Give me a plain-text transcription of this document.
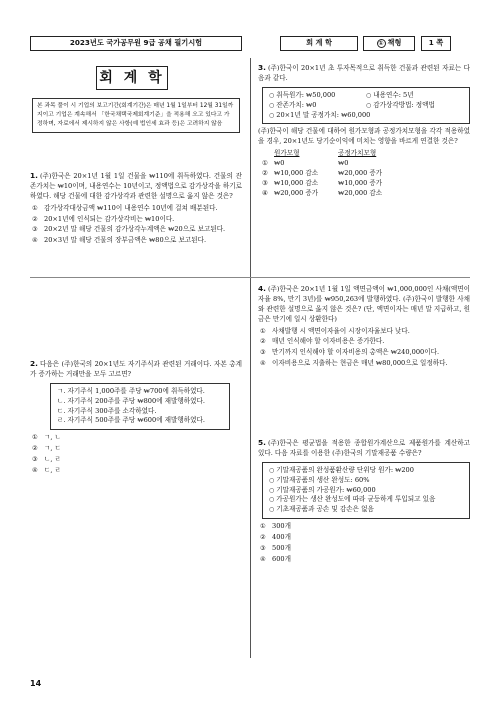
2023년도 국가공무원 9급 공채 필기시험	회 계 학	① 책형	1 쪽
회 계 학
본 과목 풀이 시 기업의 보고기간(회계기간)은 매년 1월 1일부터 12월 31일까지이고 기업은 계속해서 「한국채택국제회계기준」을 적용해 오고 있다고 가정하며, 자료에서 제시하지 않은 사항(예 법인세 효과 등)은 고려하지 않음

1. (주)한국은 20×1년 1월 1일 건물을 ₩110에 취득하였다. 건물의 잔존가치는 ₩10이며, 내용연수는 10년이고, 정액법으로 감가상각을 하기로 하였다. 해당 건물에 대한 감가상각과 관련한 설명으로 옳지 않은 것은?

① 감가상각대상금액 ₩110이 내용연수 10년에 걸쳐 배분된다.
② 20×1년에 인식되는 감가상각비는 ₩10이다.
③ 20×2년 말 해당 건물의 감가상각누계액은 ₩20으로 보고된다.
④ 20×3년 말 해당 건물의 장부금액은 ₩80으로 보고된다.

2. 다음은 (주)한국의 20×1년도 자기주식과 관련된 거래이다. 자본 총계가 증가하는 거래만을 모두 고르면?

ㄱ. 자기주식 1,000주를 주당 ₩700에 취득하였다.
ㄴ. 자기주식 200주를 주당 ₩800에 재발행하였다.
ㄷ. 자기주식 300주를 소각하였다.
ㄹ. 자기주식 500주를 주당 ₩600에 재발행하였다.
① ㄱ, ㄴ
② ㄱ, ㄷ
③ ㄴ, ㄹ
④ ㄷ, ㄹ

3. (주)한국이 20×1년 초 투자목적으로 취득한 건물과 관련된 자료는 다음과 같다.

○ 취득원가: ₩50,000	○ 내용연수: 5년
○ 잔존가치: ₩0	○ 감가상각방법: 정액법
○ 20×1년 말 공정가치: ₩60,000

(주)한국이 해당 건물에 대하여 원가모형과 공정가치모형을 각각 적용하였을 경우, 20×1년도 당기순이익에 미치는 영향을 바르게 연결한 것은?

원가모형	공정가치모형
① ₩0	₩0
② ₩10,000 감소	₩20,000 증가
③ ₩10,000 감소	₩10,000 증가
④ ₩20,000 증가	₩20,000 감소

4. (주)한국은 20×1년 1월 1일 액면금액이 ₩1,000,000인 사채(액면이자율 8%, 만기 3년)를 ₩950,263에 발행하였다. (주)한국이 발행한 사채와 관련한 설명으로 옳지 않은 것은? (단, 액면이자는 매년 말 지급하고, 원금은 만기에 일시 상환한다)

① 사채발행 시 액면이자율이 시장이자율보다 낮다.
② 매년 인식해야 할 이자비용은 증가한다.
③ 만기까지 인식해야 할 이자비용의 총액은 ₩240,000이다.
④ 이자비용으로 지출하는 현금은 매년 ₩80,000으로 일정하다.

5. (주)한국은 평균법을 적용한 종합원가계산으로 제품원가를 계산하고 있다. 다음 자료를 이용한 (주)한국의 기말재공품 수량은?

○ 기말재공품의 완성품환산량 단위당 원가: ₩200
○ 기말재공품의 생산 완성도: 60%
○ 기말재공품의 가공원가: ₩60,000
○ 가공원가는 생산 완성도에 따라 균등하게 투입되고 있음
○ 기초재공품과 공손 및 감손은 없음
① 300개
② 400개
③ 500개
④ 600개
14
